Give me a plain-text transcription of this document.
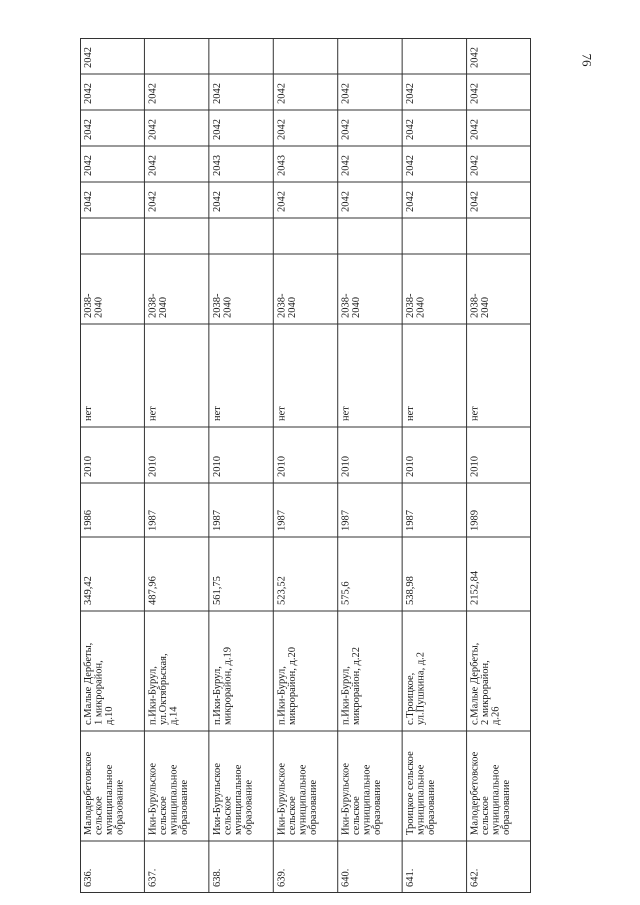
76
636.
Малодербетовское сельское муниципальное образование
с.Малые Дербеты, 1 микрорайон, д.10
349,42
1986
2010
нет
2038- 2040
2042
2042
2042
2042
2042
637.
Ики-Бурульское сельское муниципальное образование
п.Ики-Бурул, ул.Октябрьская, д.14
487,96
1987
2010
нет
2038- 2040
2042
2042
2042
2042
638.
Ики-Бурульское сельское муниципальное образование
п.Ики-Бурул, микрорайон, д.19
561,75
1987
2010
нет
2038- 2040
2042
2043
2042
2042
639.
Ики-Бурульское сельское муниципальное образование
п.Ики-Бурул, микрорайон, д.20
523,52
1987
2010
нет
2038- 2040
2042
2043
2042
2042
640.
Ики-Бурульское сельское муниципальное образование
п.Ики-Бурул, микрорайон, д.22
575,6
1987
2010
нет
2038- 2040
2042
2042
2042
2042
641.
Троицкое сельское муниципальное образование
с.Троицкое, ул.Пушкина, д.2
538,98
1987
2010
нет
2038- 2040
2042
2042
2042
2042
642.
Малодербетовское сельское муниципальное образование
с.Малые Дербеты, 2 микрорайон, д.26
2152,84
1989
2010
нет
2038- 2040
2042
2042
2042
2042
2042
